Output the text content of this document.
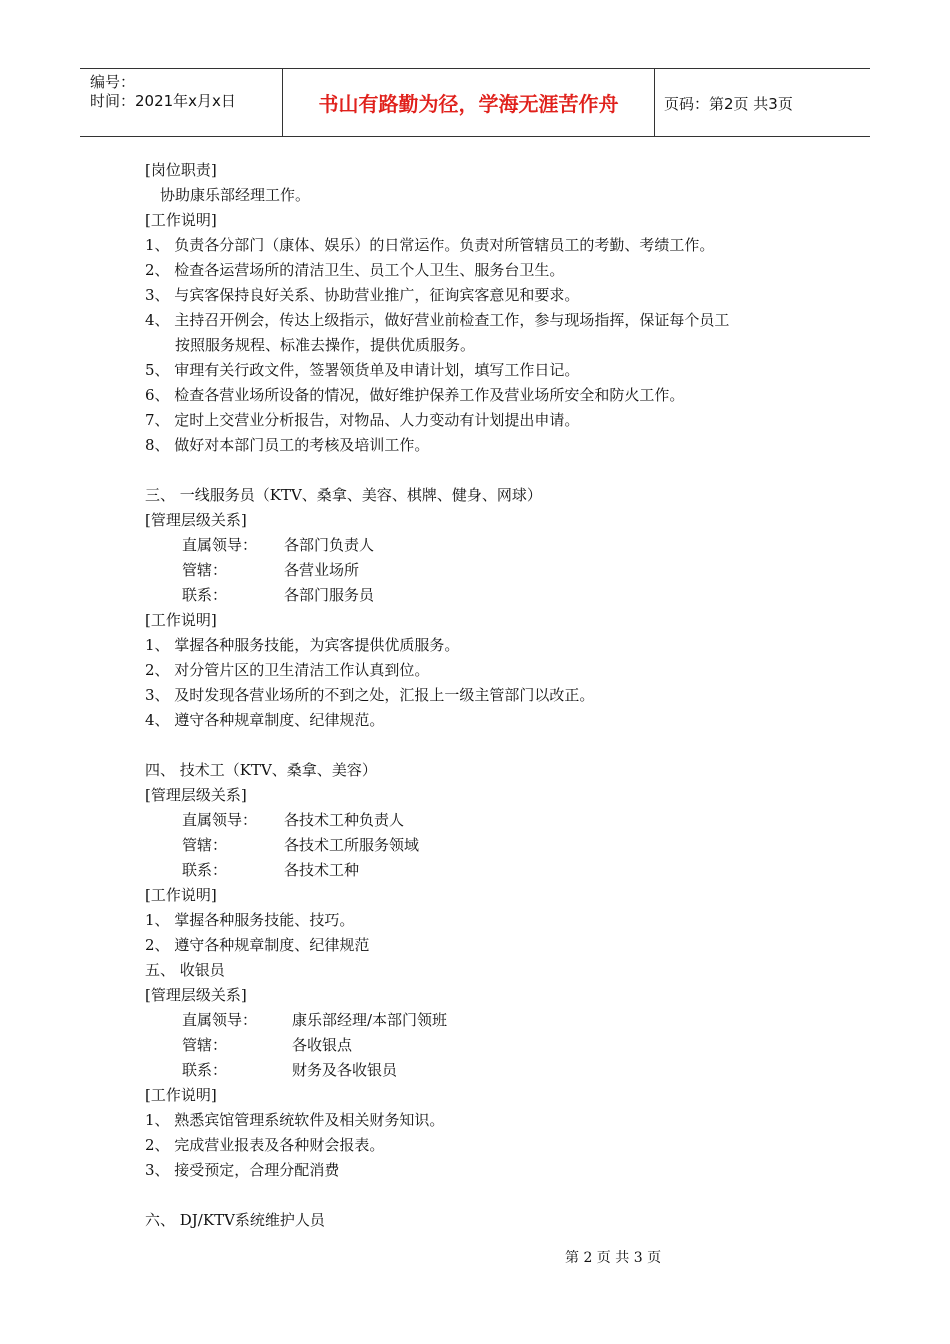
编号：
时间：2021年x月x日	书山有路勤为径，学海无涯苦作舟	页码：第2页 共3页
[岗位职责]
协助康乐部经理工作。
[工作说明]
1、 负责各分部门（康体、娱乐）的日常运作。负责对所管辖员工的考勤、考绩工作。
2、 检查各运营场所的清洁卫生、员工个人卫生、服务台卫生。
3、 与宾客保持良好关系、协助营业推广，征询宾客意见和要求。
4、 主持召开例会，传达上级指示，做好营业前检查工作，参与现场指挥，保证每个员工
按照服务规程、标准去操作，提供优质服务。
5、 审理有关行政文件，签署领货单及申请计划，填写工作日记。
6、 检查各营业场所设备的情况，做好维护保养工作及营业场所安全和防火工作。
7、 定时上交营业分析报告，对物品、人力变动有计划提出申请。
8、 做好对本部门员工的考核及培训工作。
三、 一线服务员（KTV、桑拿、美容、棋牌、健身、网球）
[管理层级关系]
直属领导：	各部门负责人
管辖：	各营业场所
联系：	各部门服务员
[工作说明]
1、 掌握各种服务技能，为宾客提供优质服务。
2、 对分管片区的卫生清洁工作认真到位。
3、 及时发现各营业场所的不到之处，汇报上一级主管部门以改正。
4、 遵守各种规章制度、纪律规范。
四、 技术工（KTV、桑拿、美容）
[管理层级关系]
直属领导：	各技术工种负责人
管辖：	各技术工所服务领域
联系：	各技术工种
[工作说明]
1、 掌握各种服务技能、技巧。
2、 遵守各种规章制度、纪律规范
五、 收银员
[管理层级关系]
直属领导：	康乐部经理/本部门领班
管辖：	各收银点
联系：	财务及各收银员
[工作说明]
1、 熟悉宾馆管理系统软件及相关财务知识。
2、 完成营业报表及各种财会报表。
3、 接受预定，合理分配消费
六、 DJ/KTV系统维护人员
第 2 页 共 3 页
